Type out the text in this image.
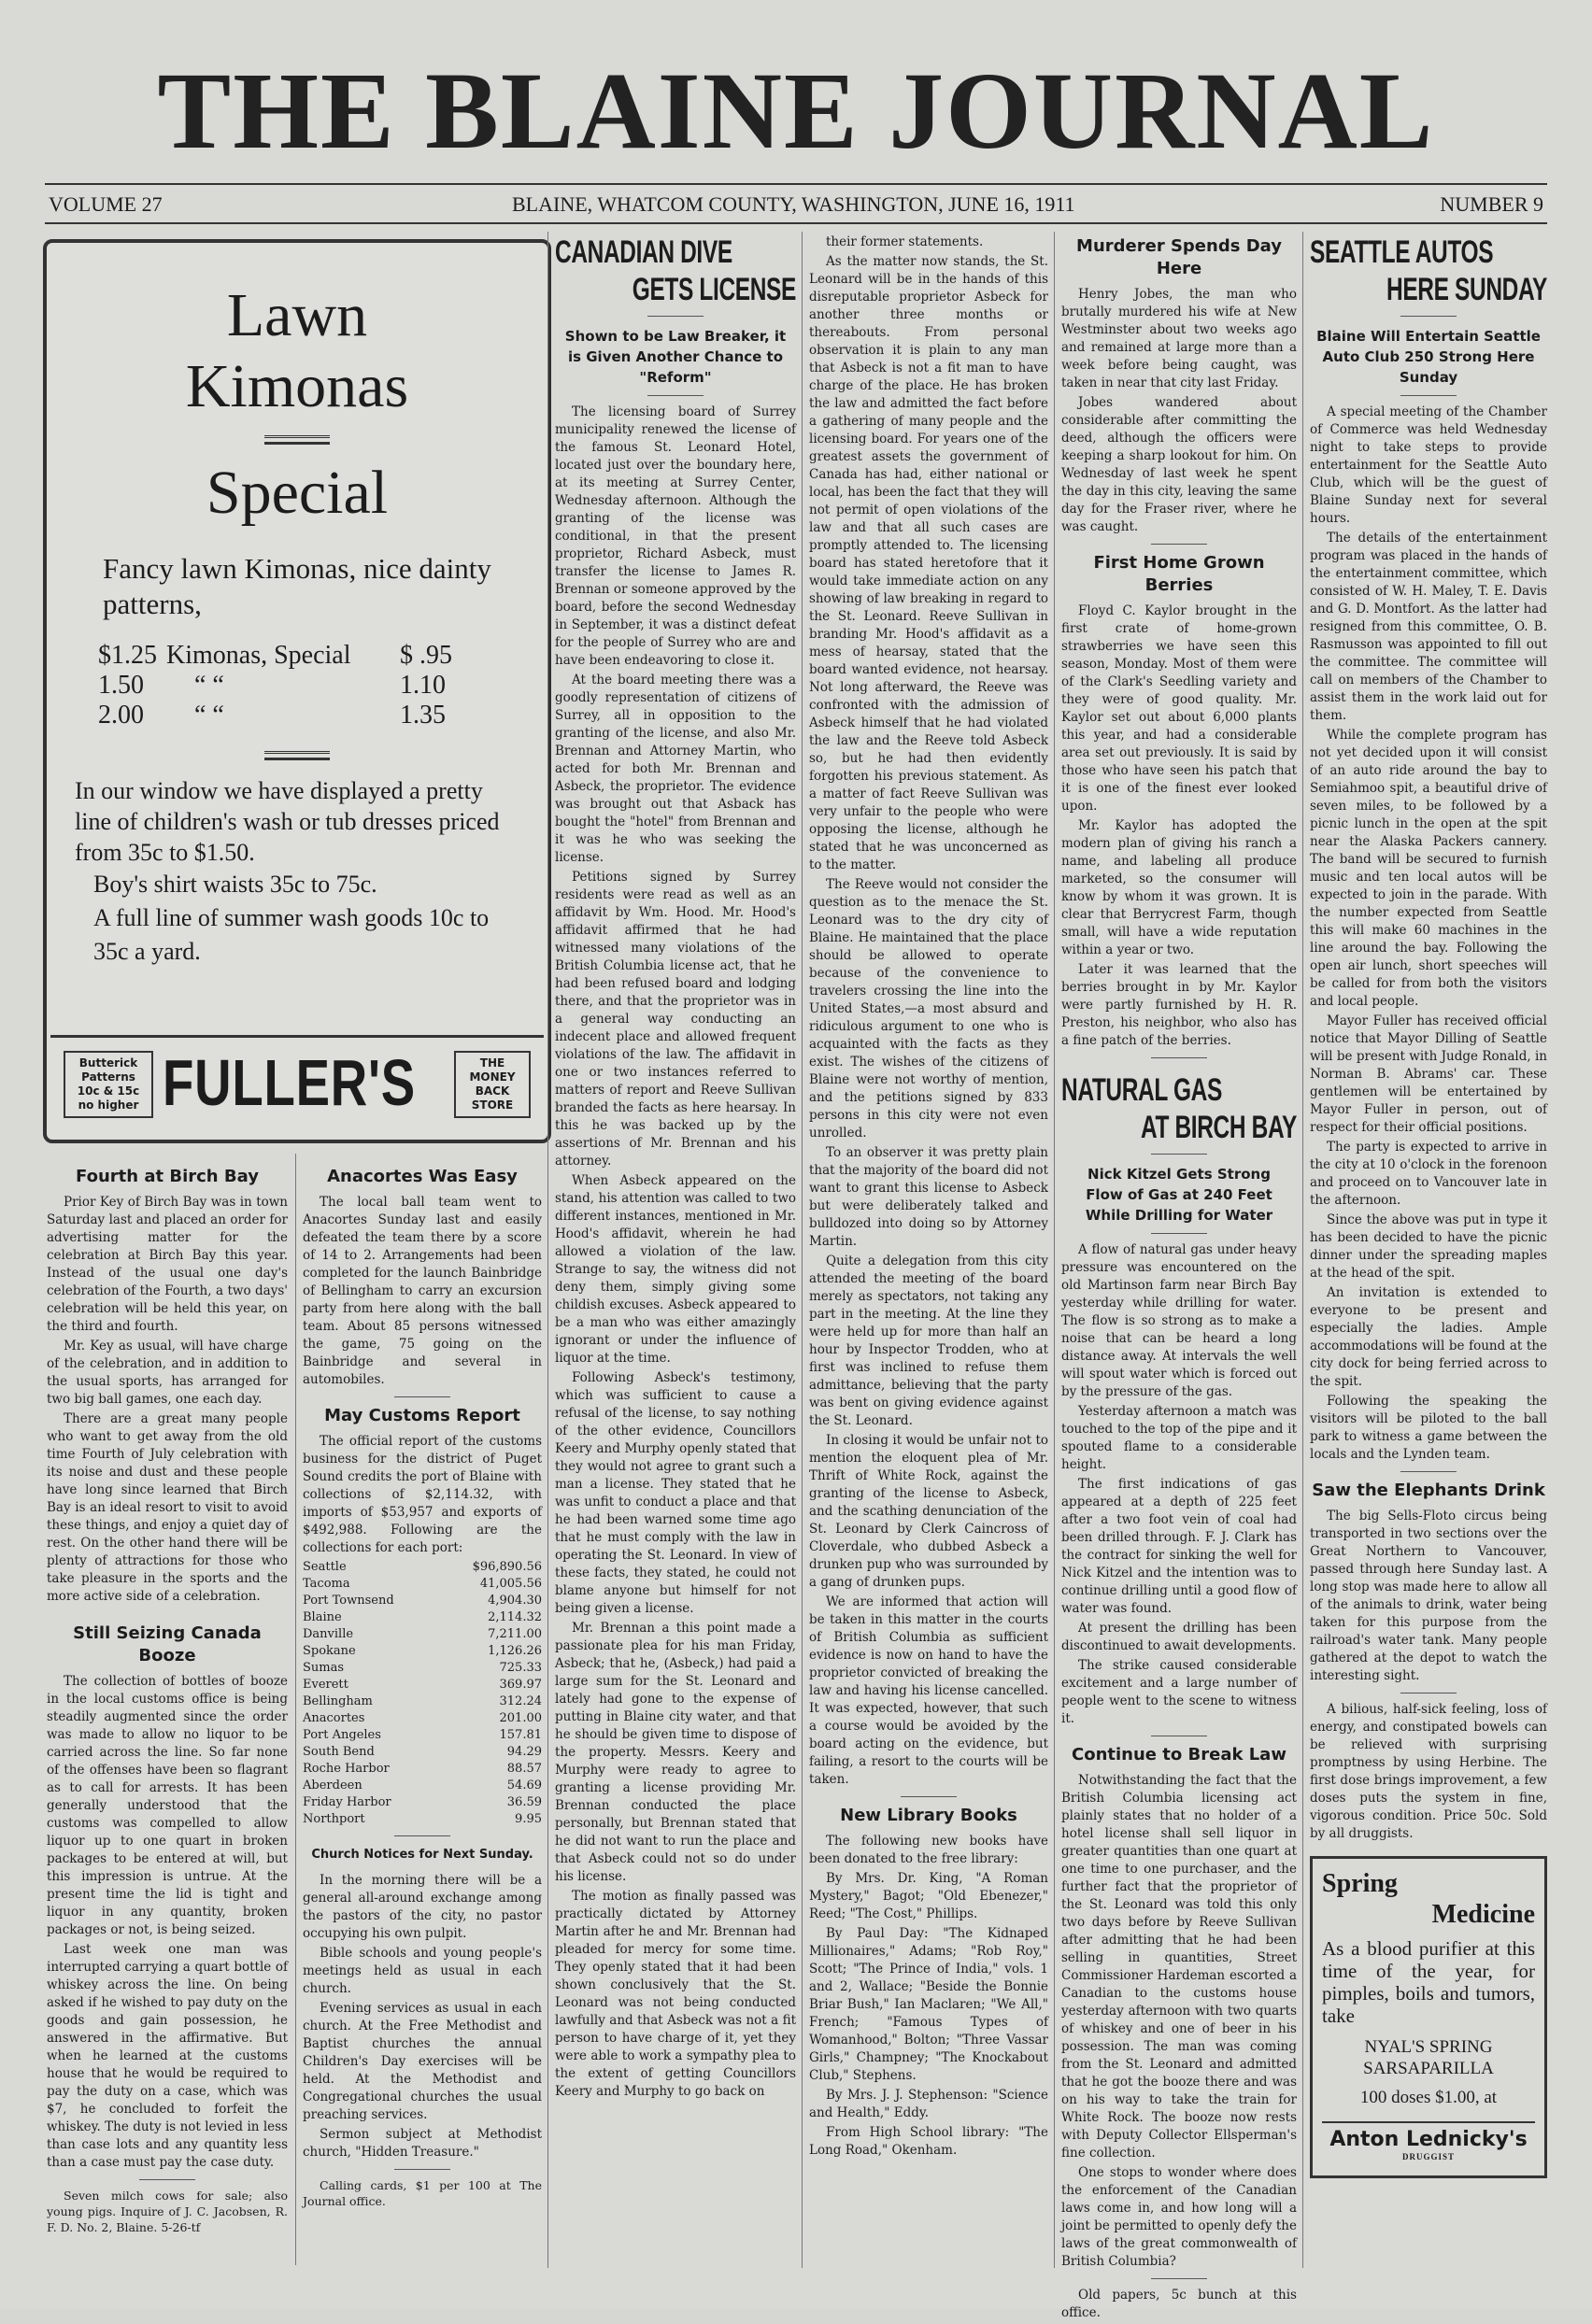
THE BLAINE JOURNAL
VOLUME 27	BLAINE, WHATCOM COUNTY, WASHINGTON, JUNE 16, 1911	NUMBER 9
Lawn
Kimonas
Special
Fancy lawn Kimonas, nice dainty patterns,
$1.25	Kimonas, Special	$ .95
1.50	“ “	1.10
2.00	“ “	1.35
In our window we have displayed a pretty line of children's wash or tub dresses priced from 35c to $1.50.
Boy's shirt waists 35c to 75c.
A full line of summer wash goods 10c to 35c a yard.
Butterick Patterns 10c & 15c no higher FULLER'S	THE MONEY BACK STORE
Fourth at Birch Bay

Prior Key of Birch Bay was in town Saturday last and placed an order for advertising matter for the celebration at Birch Bay this year. Instead of the usual one day's celebration of the Fourth, a two days' celebration will be held this year, on the third and fourth.

Mr. Key as usual, will have charge of the celebration, and in addition to the usual sports, has arranged for two big ball games, one each day.

There are a great many people who want to get away from the old time Fourth of July celebration with its noise and dust and these people have long since learned that Birch Bay is an ideal resort to visit to avoid these things, and enjoy a quiet day of rest. On the other hand there will be plenty of attractions for those who take pleasure in the sports and the more active side of a celebration.

Still Seizing Canada Booze

The collection of bottles of booze in the local customs office is being steadily augmented since the order was made to allow no liquor to be carried across the line. So far none of the offenses have been so flagrant as to call for arrests. It has been generally understood that the customs was compelled to allow liquor up to one quart in broken packages to be entered at will, but this impression is untrue. At the present time the lid is tight and liquor in any quantity, broken packages or not, is being seized.

Last week one man was interrupted carrying a quart bottle of whiskey across the line. On being asked if he wished to pay duty on the goods and gain possession, he answered in the affirmative. But when he learned at the customs house that he would be required to pay the duty on a case, which was $7, he concluded to forfeit the whiskey. The duty is not levied in less than case lots and any quantity less than a case must pay the case duty.

Seven milch cows for sale; also young pigs. Inquire of J. C. Jacobsen, R. F. D. No. 2, Blaine. 5-26-tf

Anacortes Was Easy

The local ball team went to Anacortes Sunday last and easily defeated the team there by a score of 14 to 2. Arrangements had been completed for the launch Bainbridge of Bellingham to carry an excursion party from here along with the ball team. About 85 persons witnessed the game, 75 going on the Bainbridge and several in automobiles.

May Customs Report

The official report of the customs business for the district of Puget Sound credits the port of Blaine with collections of $2,114.32, with imports of $53,957 and exports of $492,988. Following are the collections for each port:

Seattle	$96,890.56
Tacoma	41,005.56
Port Townsend	4,904.30
Blaine	2,114.32
Danville	7,211.00
Spokane	1,126.26
Sumas	725.33
Everett	369.97
Bellingham	312.24
Anacortes	201.00
Port Angeles	157.81
South Bend	94.29
Roche Harbor	88.57
Aberdeen	54.69
Friday Harbor	36.59
Northport	9.95
Church Notices for Next Sunday.

In the morning there will be a general all-around exchange among the pastors of the city, no pastor occupying his own pulpit.

Bible schools and young people's meetings held as usual in each church.

Evening services as usual in each church. At the Free Methodist and Baptist churches the annual Children's Day exercises will be held. At the Methodist and Congregational churches the usual preaching services.

Sermon subject at Methodist church, "Hidden Treasure."

Calling cards, $1 per 100 at The Journal office.

CANADIAN DIVE
GETS LICENSE
Shown to be Law Breaker, it is Given Another Chance to "Reform"

The licensing board of Surrey municipality renewed the license of the famous St. Leonard Hotel, located just over the boundary here, at its meeting at Surrey Center, Wednesday afternoon. Although the granting of the license was conditional, in that the present proprietor, Richard Asbeck, must transfer the license to James R. Brennan or someone approved by the board, before the second Wednesday in September, it was a distinct defeat for the people of Surrey who are and have been endeavoring to close it.

At the board meeting there was a goodly representation of citizens of Surrey, all in opposition to the granting of the license, and also Mr. Brennan and Attorney Martin, who acted for both Mr. Brennan and Asbeck, the proprietor. The evidence was brought out that Asback has bought the "hotel" from Brennan and it was he who was seeking the license.

Petitions signed by Surrey residents were read as well as an affidavit by Wm. Hood. Mr. Hood's affidavit affirmed that he had witnessed many violations of the British Columbia license act, that he had been refused board and lodging there, and that the proprietor was in a general way conducting an indecent place and allowed frequent violations of the law. The affidavit in one or two instances referred to matters of report and Reeve Sullivan branded the facts as here hearsay. In this he was backed up by the assertions of Mr. Brennan and his attorney.

When Asbeck appeared on the stand, his attention was called to two different instances, mentioned in Mr. Hood's affidavit, wherein he had allowed a violation of the law. Strange to say, the witness did not deny them, simply giving some childish excuses. Asbeck appeared to be a man who was either amazingly ignorant or under the influence of liquor at the time.

Following Asbeck's testimony, which was sufficient to cause a refusal of the license, to say nothing of the other evidence, Councillors Keery and Murphy openly stated that they would not agree to grant such a man a license. They stated that he was unfit to conduct a place and that he had been warned some time ago that he must comply with the law in operating the St. Leonard. In view of these facts, they stated, he could not blame anyone but himself for not being given a license.

Mr. Brennan a this point made a passionate plea for his man Friday, Asbeck; that he, (Asbeck,) had paid a large sum for the St. Leonard and lately had gone to the expense of putting in Blaine city water, and that he should be given time to dispose of the property. Messrs. Keery and Murphy were ready to agree to granting a license providing Mr. Brennan conducted the place personally, but Brennan stated that he did not want to run the place and that Asbeck could not so do under his license.

The motion as finally passed was practically dictated by Attorney Martin after he and Mr. Brennan had pleaded for mercy for some time. They openly stated that it had been shown conclusively that the St. Leonard was not being conducted lawfully and that Asbeck was not a fit person to have charge of it, yet they were able to work a sympathy plea to the extent of getting Councillors Keery and Murphy to go back on

their former statements.

As the matter now stands, the St. Leonard will be in the hands of this disreputable proprietor Asbeck for another three months or thereabouts. From personal observation it is plain to any man that Asbeck is not a fit man to have charge of the place. He has broken the law and admitted the fact before a gathering of many people and the licensing board. For years one of the greatest assets the government of Canada has had, either national or local, has been the fact that they will not permit of open violations of the law and that all such cases are promptly attended to. The licensing board has stated heretofore that it would take immediate action on any showing of law breaking in regard to the St. Leonard. Reeve Sullivan in branding Mr. Hood's affidavit as a mess of hearsay, stated that the board wanted evidence, not hearsay. Not long afterward, the Reeve was confronted with the admission of Asbeck himself that he had violated the law and the Reeve told Asbeck so, but he had then evidently forgotten his previous statement. As a matter of fact Reeve Sullivan was very unfair to the people who were opposing the license, although he stated that he was unconcerned as to the matter.

The Reeve would not consider the question as to the menace the St. Leonard was to the dry city of Blaine. He maintained that the place should be allowed to operate because of the convenience to travelers crossing the line into the United States,—a most absurd and ridiculous argument to one who is acquainted with the facts as they exist. The wishes of the citizens of Blaine were not worthy of mention, and the petitions signed by 833 persons in this city were not even unrolled.

To an observer it was pretty plain that the majority of the board did not want to grant this license to Asbeck but were deliberately talked and bulldozed into doing so by Attorney Martin.

Quite a delegation from this city attended the meeting of the board merely as spectators, not taking any part in the meeting. At the line they were held up for more than half an hour by Inspector Trodden, who at first was inclined to refuse them admittance, believing that the party was bent on giving evidence against the St. Leonard.

In closing it would be unfair not to mention the eloquent plea of Mr. Thrift of White Rock, against the granting of the license to Asbeck, and the scathing denunciation of the St. Leonard by Clerk Caincross of Cloverdale, who dubbed Asbeck a drunken pup who was surrounded by a gang of drunken pups.

We are informed that action will be taken in this matter in the courts of British Columbia as sufficient evidence is now on hand to have the proprietor convicted of breaking the law and having his license cancelled. It was expected, however, that such a course would be avoided by the board acting on the evidence, but failing, a resort to the courts will be taken.

New Library Books

The following new books have been donated to the free library:

By Mrs. Dr. King, "A Roman Mystery," Bagot; "Old Ebenezer," Reed; "The Cost," Phillips.

By Paul Day: "The Kidnaped Millionaires," Adams; "Rob Roy," Scott; "The Prince of India," vols. 1 and 2, Wallace; "Beside the Bonnie Briar Bush," Ian Maclaren; "We All," French; "Famous Types of Womanhood," Bolton; "Three Vassar Girls," Champney; "The Knockabout Club," Stephens.

By Mrs. J. J. Stephenson: "Science and Health," Eddy.

From High School library: "The Long Road," Okenham.

Murderer Spends Day Here

Henry Jobes, the man who brutally murdered his wife at New Westminster about two weeks ago and remained at large more than a week before being caught, was taken in near that city last Friday.

Jobes wandered about considerable after committing the deed, although the officers were keeping a sharp lookout for him. On Wednesday of last week he spent the day in this city, leaving the same day for the Fraser river, where he was caught.

First Home Grown Berries

Floyd C. Kaylor brought in the first crate of home-grown strawberries we have seen this season, Monday. Most of them were of the Clark's Seedling variety and they were of good quality. Mr. Kaylor set out about 6,000 plants this year, and had a considerable area set out previously. It is said by those who have seen his patch that it is one of the finest ever looked upon.

Mr. Kaylor has adopted the modern plan of giving his ranch a name, and labeling all produce marketed, so the consumer will know by whom it was grown. It is clear that Berrycrest Farm, though small, will have a wide reputation within a year or two.

Later it was learned that the berries brought in by Mr. Kaylor were partly furnished by H. R. Preston, his neighbor, who also has a fine patch of the berries.

NATURAL GAS
AT BIRCH BAY
Nick Kitzel Gets Strong Flow of Gas at 240 Feet While Drilling for Water

A flow of natural gas under heavy pressure was encountered on the old Martinson farm near Birch Bay yesterday while drilling for water. The flow is so strong as to make a noise that can be heard a long distance away. At intervals the well will spout water which is forced out by the pressure of the gas.

Yesterday afternoon a match was touched to the top of the pipe and it spouted flame to a considerable height.

The first indications of gas appeared at a depth of 225 feet after a two foot vein of coal had been drilled through. F. J. Clark has the contract for sinking the well for Nick Kitzel and the intention was to continue drilling until a good flow of water was found.

At present the drilling has been discontinued to await developments.

The strike caused considerable excitement and a large number of people went to the scene to witness it.

Continue to Break Law

Notwithstanding the fact that the British Columbia licensing act plainly states that no holder of a hotel license shall sell liquor in greater quantities than one quart at one time to one purchaser, and the further fact that the proprietor of the St. Leonard was told this only two days before by Reeve Sullivan after admitting that he had been selling in quantities, Street Commissioner Hardeman escorted a Canadian to the customs house yesterday afternoon with two quarts of whiskey and one of beer in his possession. The man was coming from the St. Leonard and admitted that he got the booze there and was on his way to take the train for White Rock. The booze now rests with Deputy Collector Ellsperman's fine collection.

One stops to wonder where does the enforcement of the Canadian laws come in, and how long will a joint be permitted to openly defy the laws of the great commonwealth of British Columbia?

Old papers, 5c bunch at this office.

SEATTLE AUTOS
HERE SUNDAY
Blaine Will Entertain Seattle Auto Club 250 Strong Here Sunday

A special meeting of the Chamber of Commerce was held Wednesday night to take steps to provide entertainment for the Seattle Auto Club, which will be the guest of Blaine Sunday next for several hours.

The details of the entertainment program was placed in the hands of the entertainment committee, which consisted of W. H. Maley, T. E. Davis and G. D. Montfort. As the latter had resigned from this committee, O. B. Rasmusson was appointed to fill out the committee. The committee will call on members of the Chamber to assist them in the work laid out for them.

While the complete program has not yet decided upon it will consist of an auto ride around the bay to Semiahmoo spit, a beautiful drive of seven miles, to be followed by a picnic lunch in the open at the spit near the Alaska Packers cannery. The band will be secured to furnish music and ten local autos will be expected to join in the parade. With the number expected from Seattle this will make 60 machines in the line around the bay. Following the open air lunch, short speeches will be called for from both the visitors and local people.

Mayor Fuller has received official notice that Mayor Dilling of Seattle will be present with Judge Ronald, in Norman B. Abrams' car. These gentlemen will be entertained by Mayor Fuller in person, out of respect for their official positions.

The party is expected to arrive in the city at 10 o'clock in the forenoon and proceed on to Vancouver late in the afternoon.

Since the above was put in type it has been decided to have the picnic dinner under the spreading maples at the head of the spit.

An invitation is extended to everyone to be present and especially the ladies. Ample accommodations will be found at the city dock for being ferried across to the spit.

Following the speaking the visitors will be piloted to the ball park to witness a game between the locals and the Lynden team.

Saw the Elephants Drink

The big Sells-Floto circus being transported in two sections over the Great Northern to Vancouver, passed through here Sunday last. A long stop was made here to allow all of the animals to drink, water being taken for this purpose from the railroad's water tank. Many people gathered at the depot to watch the interesting sight.

A bilious, half-sick feeling, loss of energy, and constipated bowels can be relieved with surprising promptness by using Herbine. The first dose brings improvement, a few doses puts the system in fine, vigorous condition. Price 50c. Sold by all druggists.

Spring
Medicine
As a blood purifier at this time of the year, for pimples, boils and tumors, take
NYAL'S SPRING SARSAPARILLA
100 doses $1.00, at
Anton Lednicky's
DRUGGIST
